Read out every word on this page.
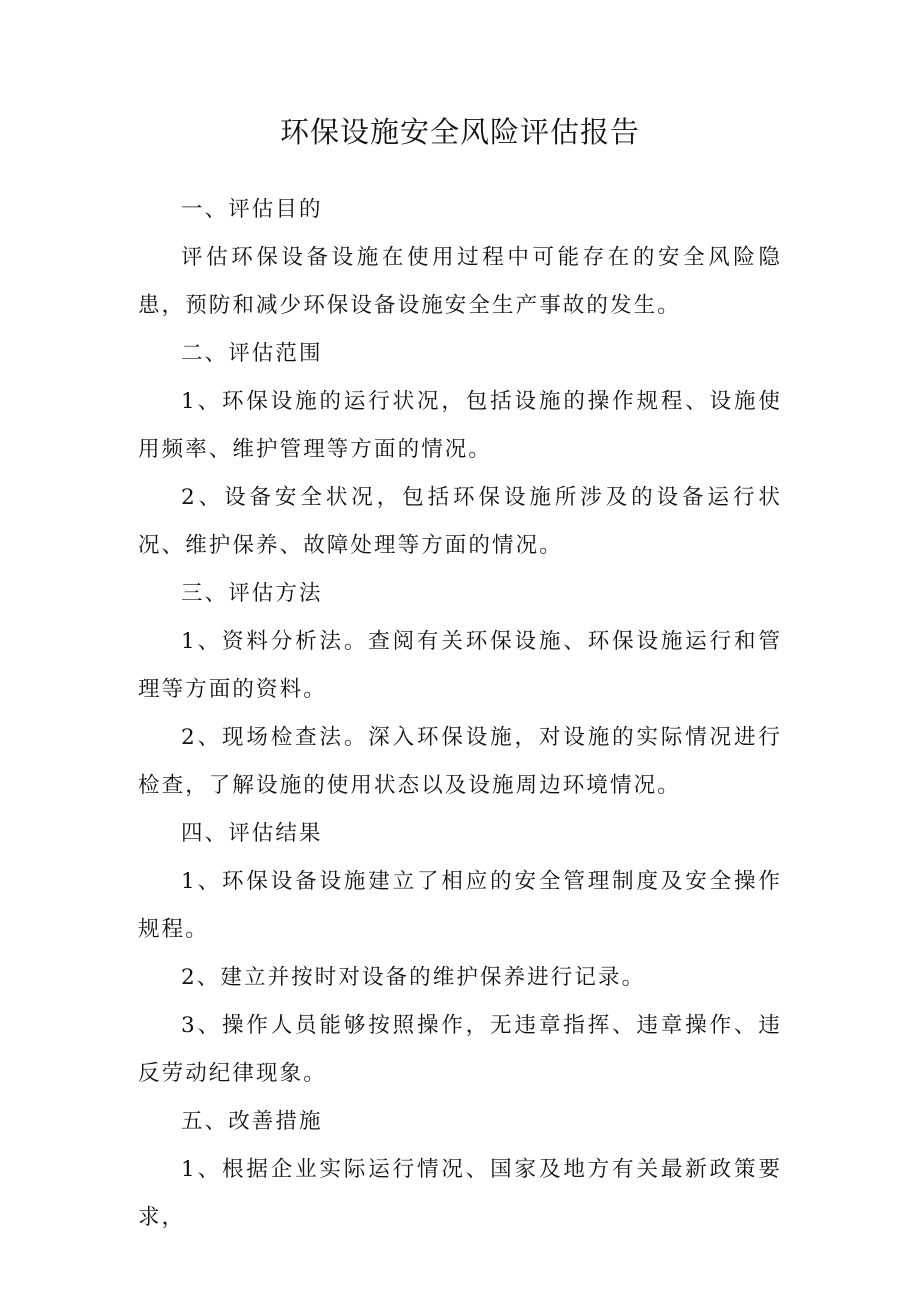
环保设施安全风险评估报告

一、评估目的

评估环保设备设施在使用过程中可能存在的安全风险隐患，预防和减少环保设备设施安全生产事故的发生。

二、评估范围

1、环保设施的运行状况，包括设施的操作规程、设施使用频率、维护管理等方面的情况。

2、设备安全状况，包括环保设施所涉及的设备运行状况、维护保养、故障处理等方面的情况。

三、评估方法

1、资料分析法。查阅有关环保设施、环保设施运行和管理等方面的资料。

2、现场检查法。深入环保设施，对设施的实际情况进行检查，了解设施的使用状态以及设施周边环境情况。

四、评估结果

1、环保设备设施建立了相应的安全管理制度及安全操作规程。

2、建立并按时对设备的维护保养进行记录。

3、操作人员能够按照操作，无违章指挥、违章操作、违反劳动纪律现象。

五、改善措施

1、根据企业实际运行情况、国家及地方有关最新政策要求，
